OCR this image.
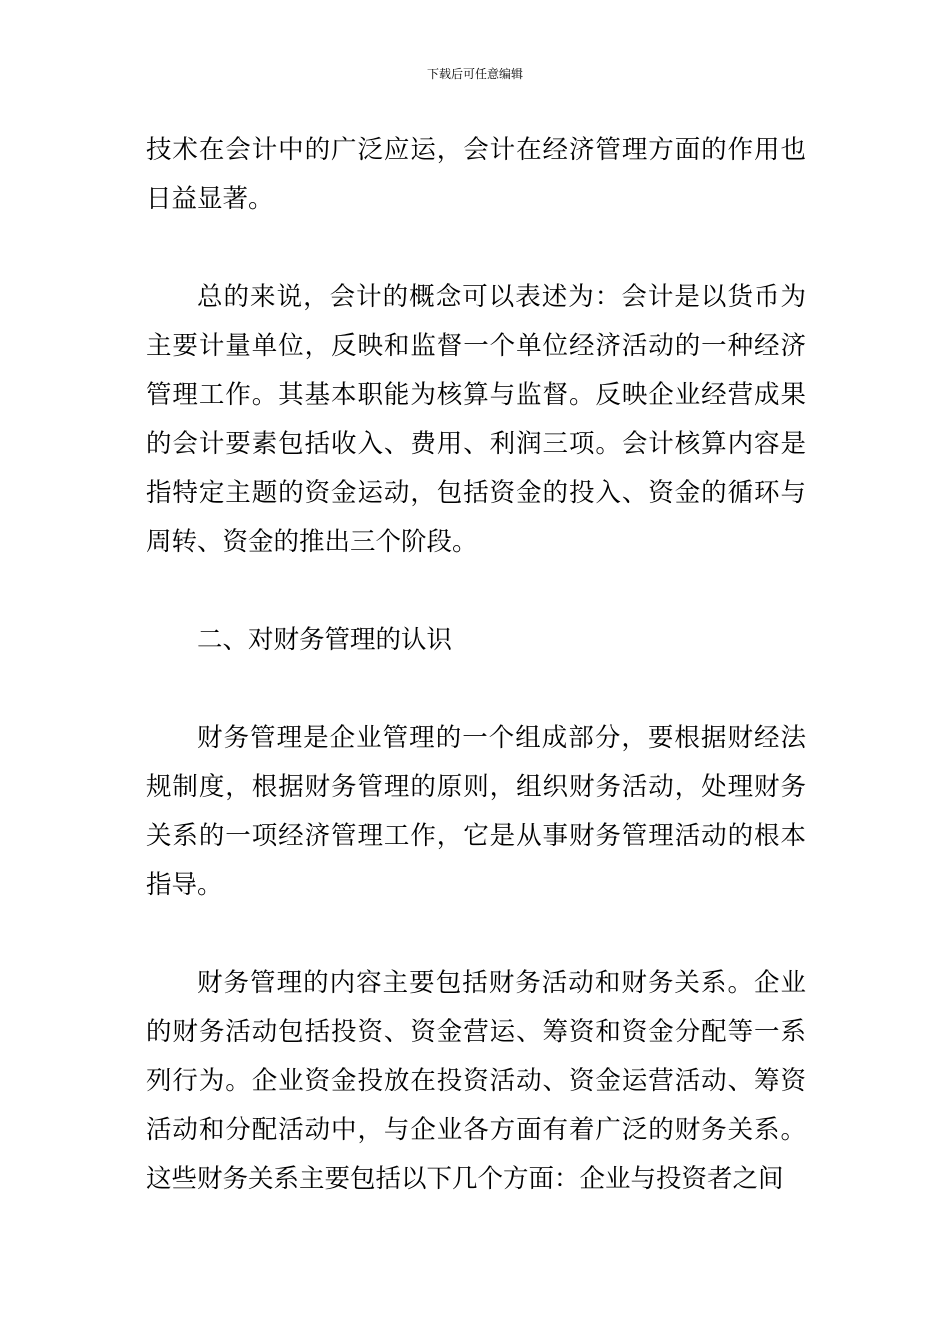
下载后可任意编辑

技术在会计中的广泛应运，会计在经济管理方面的作用也日益显著。

总的来说，会计的概念可以表述为：会计是以货币为主要计量单位，反映和监督一个单位经济活动的一种经济管理工作。其基本职能为核算与监督。反映企业经营成果的会计要素包括收入、费用、利润三项。会计核算内容是指特定主题的资金运动，包括资金的投入、资金的循环与周转、资金的推出三个阶段。

二、对财务管理的认识

财务管理是企业管理的一个组成部分，要根据财经法规制度，根据财务管理的原则，组织财务活动，处理财务关系的一项经济管理工作，它是从事财务管理活动的根本指导。

财务管理的内容主要包括财务活动和财务关系。企业的财务活动包括投资、资金营运、筹资和资金分配等一系列行为。企业资金投放在投资活动、资金运营活动、筹资活动和分配活动中，与企业各方面有着广泛的财务关系。这些财务关系主要包括以下几个方面：企业与投资者之间
